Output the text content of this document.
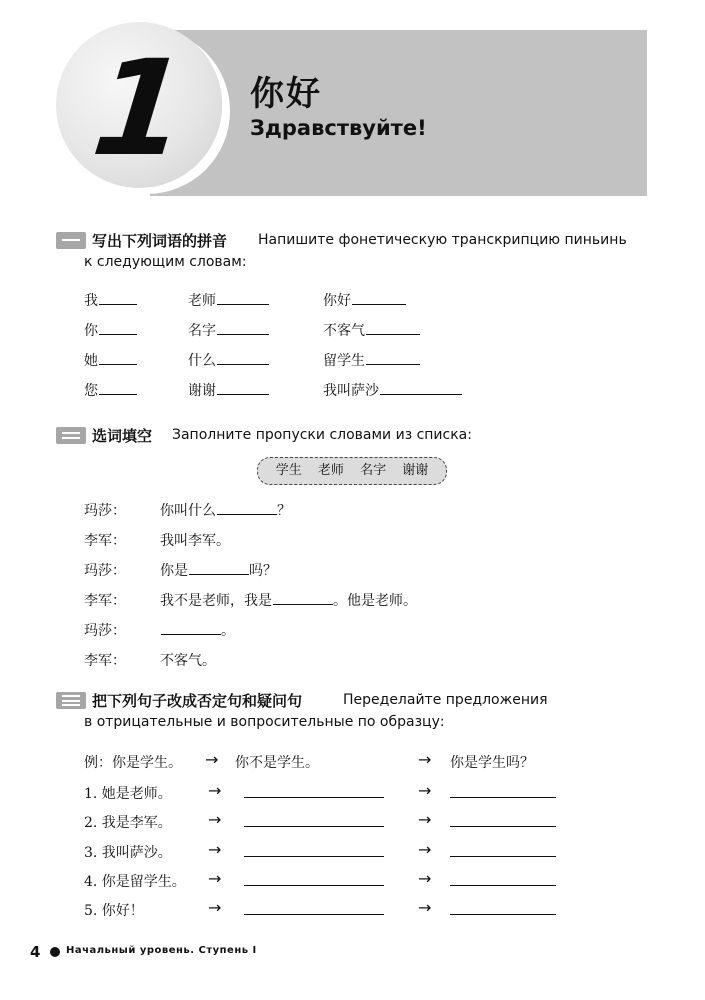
1	你好
Здравствуйте!
写出下列词语的拼音 Напишите фонетическую транскрипцию пиньинь
к следующим словам:
我	老师	你好
你	名字	不客气
她	什么	留学生
您	谢谢	我叫萨沙
选词填空 Заполните пропуски словами из списка:
学生 老师 名字 谢谢
玛莎： 你叫什么	？
李军： 我叫李军。
玛莎： 你是	吗？
李军： 我不是老师，我是	。他是老师。
玛莎：	。
李军： 不客气。
把下列句子改成否定句和疑问句	Переделайте предложения
в отрицательные и вопросительные по образцу:
例：你是学生。 → 你不是学生。	→ 你是学生吗？
1. 她是老师。 →	→
2. 我是李军。 →	→
3. 我叫萨沙。 →	→
4. 你是留学生。 →	→
5. 你好！	→	→
4	Начальный уровень. Ступень I
